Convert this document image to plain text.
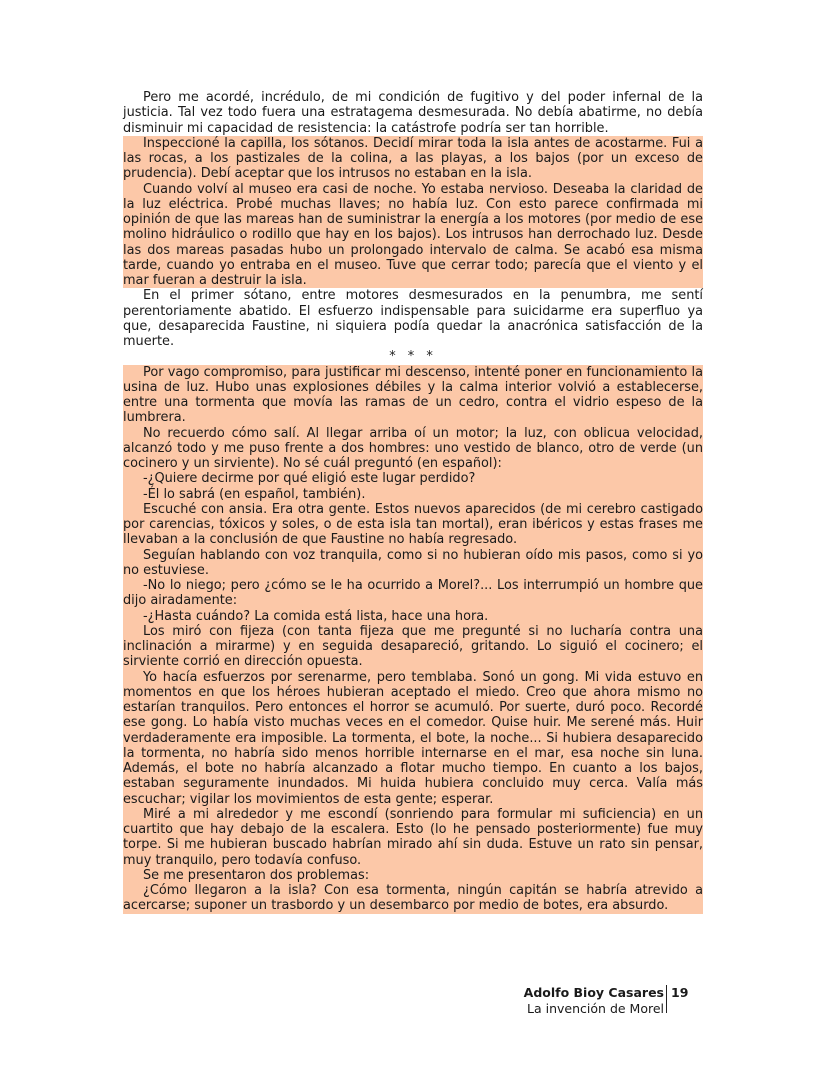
Pero me acordé, incrédulo, de mi condición de fugitivo y del poder infernal de la justicia. Tal vez todo fuera una estratagema desmesurada. No debía abatirme, no debía disminuir mi capacidad de resistencia: la catástrofe podría ser tan horrible.

Inspeccioné la capilla, los sótanos. Decidí mirar toda la isla antes de acostarme. Fui a las rocas, a los pastizales de la colina, a las playas, a los bajos (por un exceso de prudencia). Debí aceptar que los intrusos no estaban en la isla.

Cuando volví al museo era casi de noche. Yo estaba nervioso. Deseaba la claridad de la luz eléctrica. Probé muchas llaves; no había luz. Con esto parece confirmada mi opinión de que las mareas han de suministrar la energía a los motores (por medio de ese molino hidráulico o rodillo que hay en los bajos). Los intrusos han derrochado luz. Desde las dos mareas pasadas hubo un prolongado intervalo de calma. Se acabó esa misma tarde, cuando yo entraba en el museo. Tuve que cerrar todo; parecía que el viento y el mar fueran a destruir la isla.

En el primer sótano, entre motores desmesurados en la penumbra, me sentí perentoriamente abatido. El esfuerzo indispensable para suicidarme era superfluo ya que, desaparecida Faustine, ni siquiera podía quedar la anacrónica satisfacción de la muerte.

* * *

Por vago compromiso, para justificar mi descenso, intenté poner en funcionamiento la usina de luz. Hubo unas explosiones débiles y la calma interior volvió a establecerse, entre una tormenta que movía las ramas de un cedro, contra el vidrio espeso de la lumbrera.

No recuerdo cómo salí. Al llegar arriba oí un motor; la luz, con oblicua velocidad, alcanzó todo y me puso frente a dos hombres: uno vestido de blanco, otro de verde (un cocinero y un sirviente). No sé cuál preguntó (en español):

-¿Quiere decirme por qué eligió este lugar perdido?

-Él lo sabrá (en español, también).

Escuché con ansia. Era otra gente. Estos nuevos aparecidos (de mi cerebro castigado por carencias, tóxicos y soles, o de esta isla tan mortal), eran ibéricos y estas frases me llevaban a la conclusión de que Faustine no había regresado.

Seguían hablando con voz tranquila, como si no hubieran oído mis pasos, como si yo no estuviese.

-No lo niego; pero ¿cómo se le ha ocurrido a Morel?... Los interrumpió un hombre que dijo airadamente:

-¿Hasta cuándo? La comida está lista, hace una hora.

Los miró con fijeza (con tanta fijeza que me pregunté si no lucharía contra una inclinación a mirarme) y en seguida desapareció, gritando. Lo siguió el cocinero; el sirviente corrió en dirección opuesta.

Yo hacía esfuerzos por serenarme, pero temblaba. Sonó un gong. Mi vida estuvo en momentos en que los héroes hubieran aceptado el miedo. Creo que ahora mismo no estarían tranquilos. Pero entonces el horror se acumuló. Por suerte, duró poco. Recordé ese gong. Lo había visto muchas veces en el comedor. Quise huir. Me serené más. Huir verdaderamente era imposible. La tormenta, el bote, la noche... Si hubiera desaparecido la tormenta, no habría sido menos horrible internarse en el mar, esa noche sin luna. Además, el bote no habría alcanzado a flotar mucho tiempo. En cuanto a los bajos, estaban seguramente inundados. Mi huida hubiera concluido muy cerca. Valía más escuchar; vigilar los movimientos de esta gente; esperar.

Miré a mi alrededor y me escondí (sonriendo para formular mi suficiencia) en un cuartito que hay debajo de la escalera. Esto (lo he pensado posteriormente) fue muy torpe. Si me hubieran buscado habrían mirado ahí sin duda. Estuve un rato sin pensar, muy tranquilo, pero todavía confuso.

Se me presentaron dos problemas:

¿Cómo llegaron a la isla? Con esa tormenta, ningún capitán se habría atrevido a acercarse; suponer un trasbordo y un desembarco por medio de botes, era absurdo.

Adolfo Bioy Casares
La invención de Morel
19
